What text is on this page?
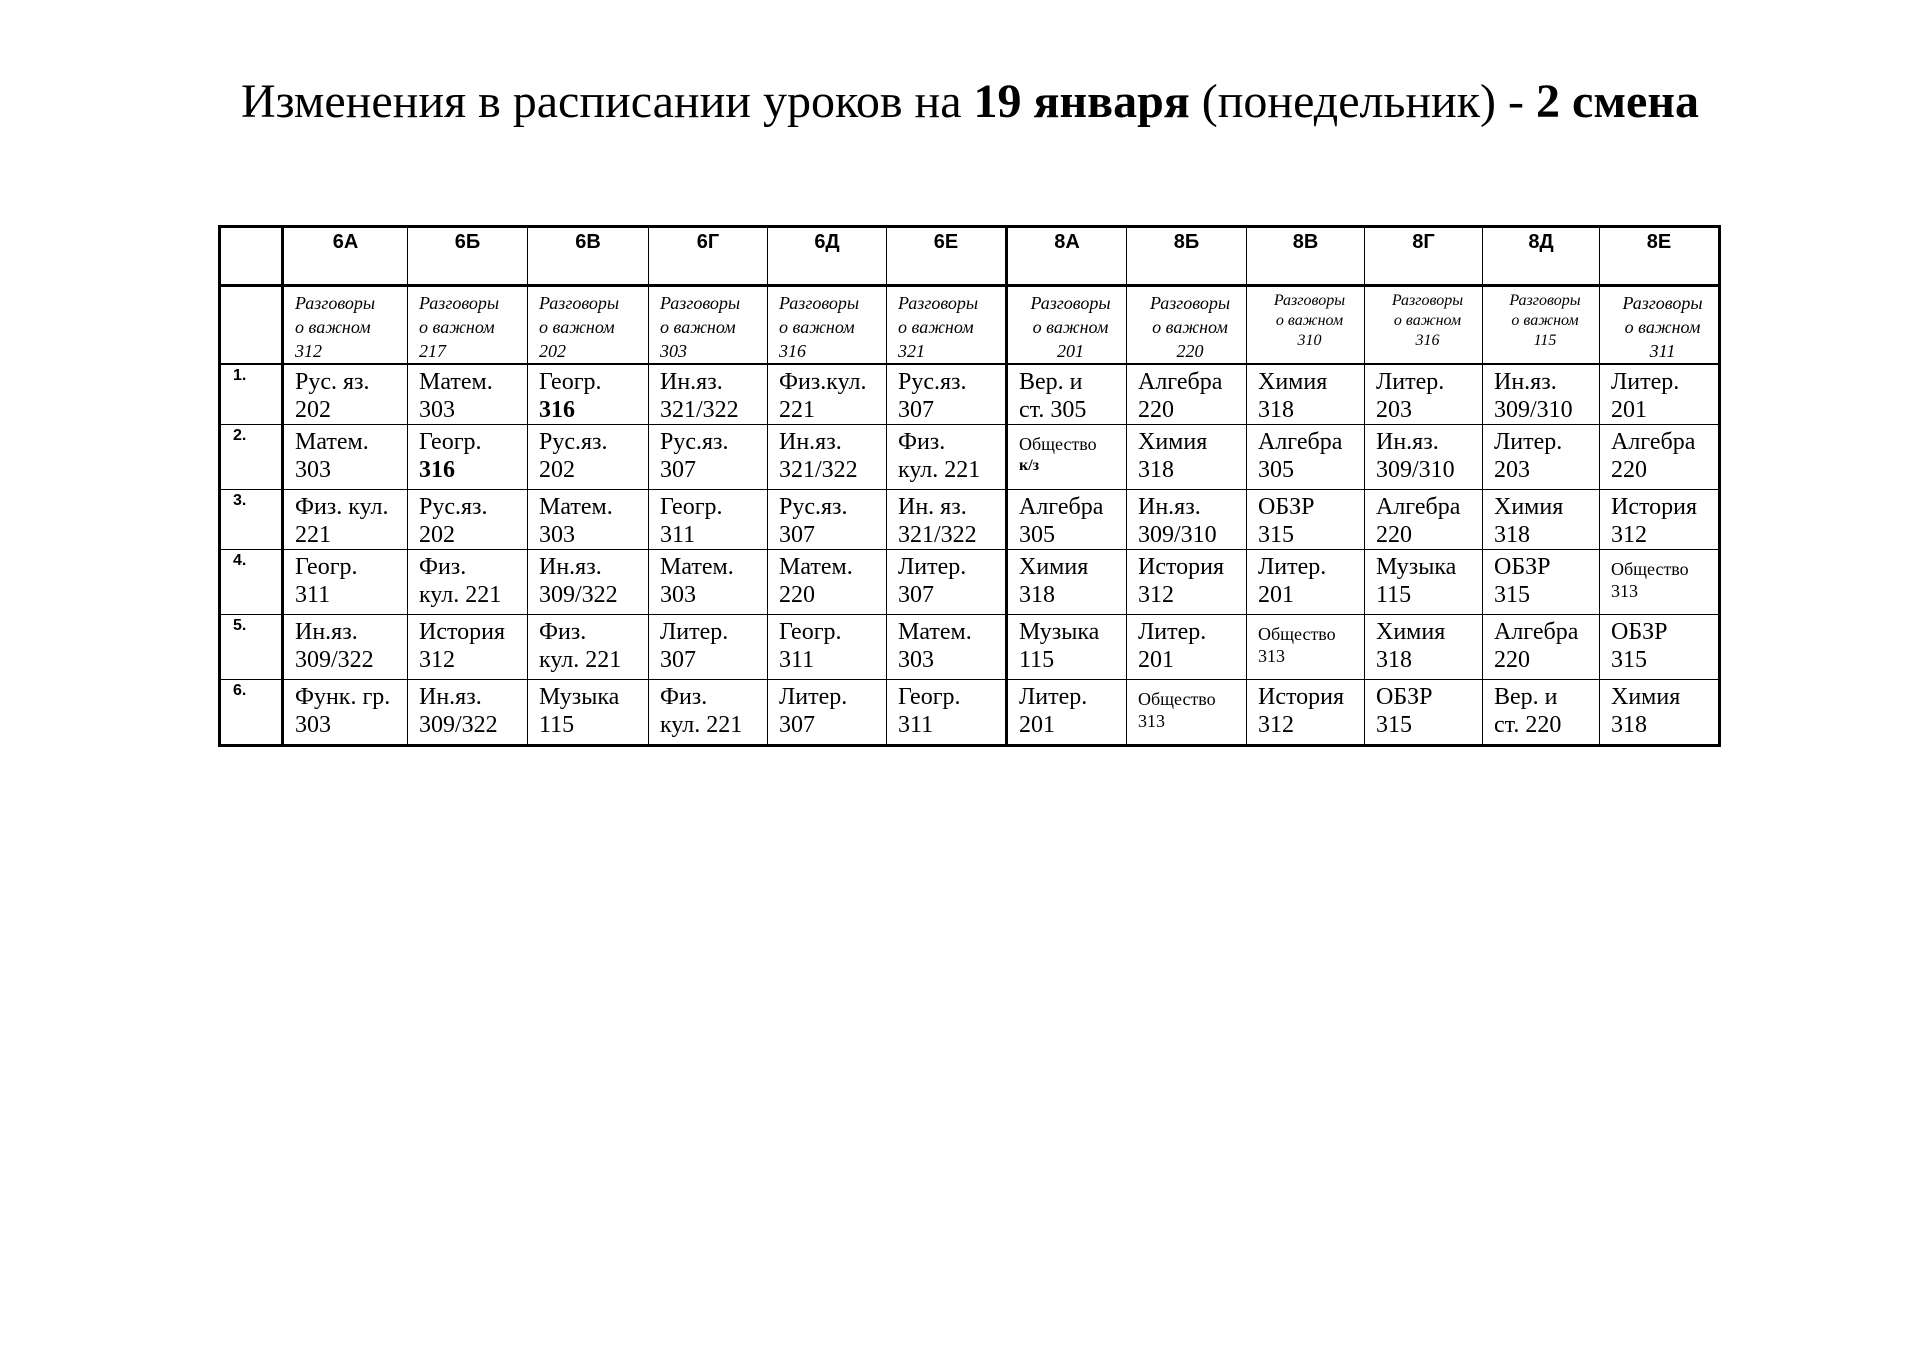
Изменения в расписании уроков на 19 января (понедельник) - 2 смена
	6А	6Б	6В	6Г	6Д	6Е	8А	8Б	8В	8Г	8Д	8Е

	Разговоры
о важном
312	Разговоры
о важном
217	Разговоры
о важном
202	Разговоры
о важном
303	Разговоры
о важном
316	Разговоры
о важном
321	Разговоры
о важном
201	Разговоры
о важном
220	Разговоры
о важном
310	Разговоры
о важном
316	Разговоры
о важном
115	Разговоры
о важном
311

1.	Рус. яз.
202	Матем.
303	Геогр.
316	Ин.яз.
321/322	Физ.кул.
221	Рус.яз.
307	Вер. и
ст. 305	Алгебра
220	Химия
318	Литер.
203	Ин.яз.
309/310	Литер.
201

2.	Матем.
303	Геогр.
316	Рус.яз.
202	Рус.яз.
307	Ин.яз.
321/322	Физ.
кул. 221	Общество
к/з	Химия
318	Алгебра
305	Ин.яз.
309/310	Литер.
203	Алгебра
220

3.	Физ. кул.
221	Рус.яз.
202	Матем.
303	Геогр.
311	Рус.яз.
307	Ин. яз.
321/322	Алгебра
305	Ин.яз.
309/310	ОБЗР
315	Алгебра
220	Химия
318	История
312

4.	Геогр.
311	Физ.
кул. 221	Ин.яз.
309/322	Матем.
303	Матем.
220	Литер.
307	Химия
318	История
312	Литер.
201	Музыка
115	ОБЗР
315	Общество
313

5.	Ин.яз.
309/322	История
312	Физ.
кул. 221	Литер.
307	Геогр.
311	Матем.
303	Музыка
115	Литер.
201	Общество
313	Химия
318	Алгебра
220	ОБЗР
315

6.	Функ. гр.
303	Ин.яз.
309/322	Музыка
115	Физ.
кул. 221	Литер.
307	Геогр.
311	Литер.
201	Общество
313	История
312	ОБЗР
315	Вер. и
ст. 220	Химия
318
